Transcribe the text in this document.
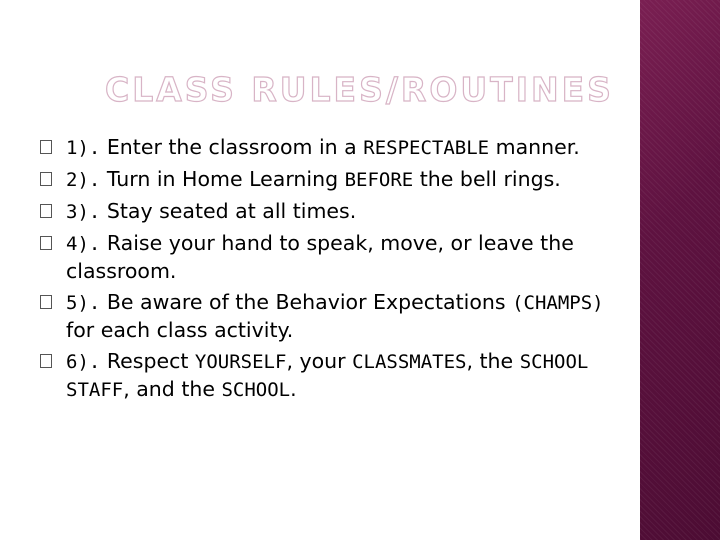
CLASS RULES/ROUTINES
1). Enter the classroom in a RESPECTABLE manner.
2). Turn in Home Learning BEFORE the bell rings.
3). Stay seated at all times.
4). Raise your hand to speak, move, or leave the classroom.
5). Be aware of the Behavior Expectations (CHAMPS) for each class activity.
6). Respect YOURSELF, your CLASSMATES, the SCHOOL STAFF, and the SCHOOL.
